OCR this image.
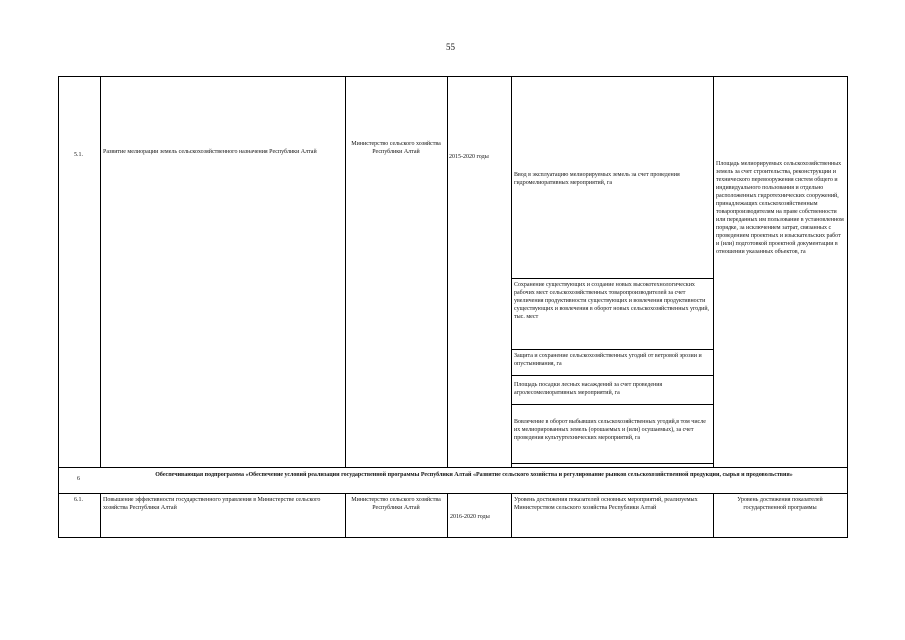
55
5.1.	Развитие мелиорации земель сельскохозяйственного назначения Республики Алтай
Министерство сельского хозяйства Республики Алтай
2015-2020 годы
Ввод в эксплуатацию мелиорируемых земель за счет проведения гидромелиоративных мероприятий, га
Сохранение существующих и создание новых высокотехнологических рабочих мест сельскохозяйственных товаропроизводителей за счет увеличения продуктивности существующих и вовлечения продуктивности существующих и вовлечения в оборот новых сельскохозяйственных угодий, тыс. мест
Защита и сохранение сельскохозяйственных угодий от ветровой эрозии и опустынивания, га
Площадь посадки лесных насаждений за счет проведения агролесомелиоративных мероприятий, га
Вовлечение в оборот выбывших сельскохозяйственных угодий,в том числе их мелиорированных земель (орошаемых и (или) осушаемых), за счет проведения культуртехнических мероприятий, га
Площадь мелиорируемых сельскохозяйственных земель за счет строительства, реконструкции и технического перевооружения систем общего и индивидуального пользования и отдельно расположенных гидротехнических сооружений, принадлежащих сельскохозяйственным товаропроизводителям на праве собственности или переданных им пользование в установленном порядке, за исключением затрат, связанных с проведением проектных и изыскательских работ и (или) подготовкой проектной документации в отношении указанных объектов, га
6
Обеспечивающая подпрограмма «Обеспечение условий реализации государственной программы Республики Алтай «Развитие сельского хозяйства и регулирование рынков сельскохозяйственной продукции, сырья и продовольствия»
6.1.	Повышение эффективности государственного управления в Министерстве сельского хозяйства Республики Алтай
Министерство сельского хозяйства Республики Алтай
2016-2020 годы
Уровень достижения показателей основных мероприятий, реализуемых Министерством сельского хозяйства Республики Алтай
Уровень достижения показателей государственной программы
